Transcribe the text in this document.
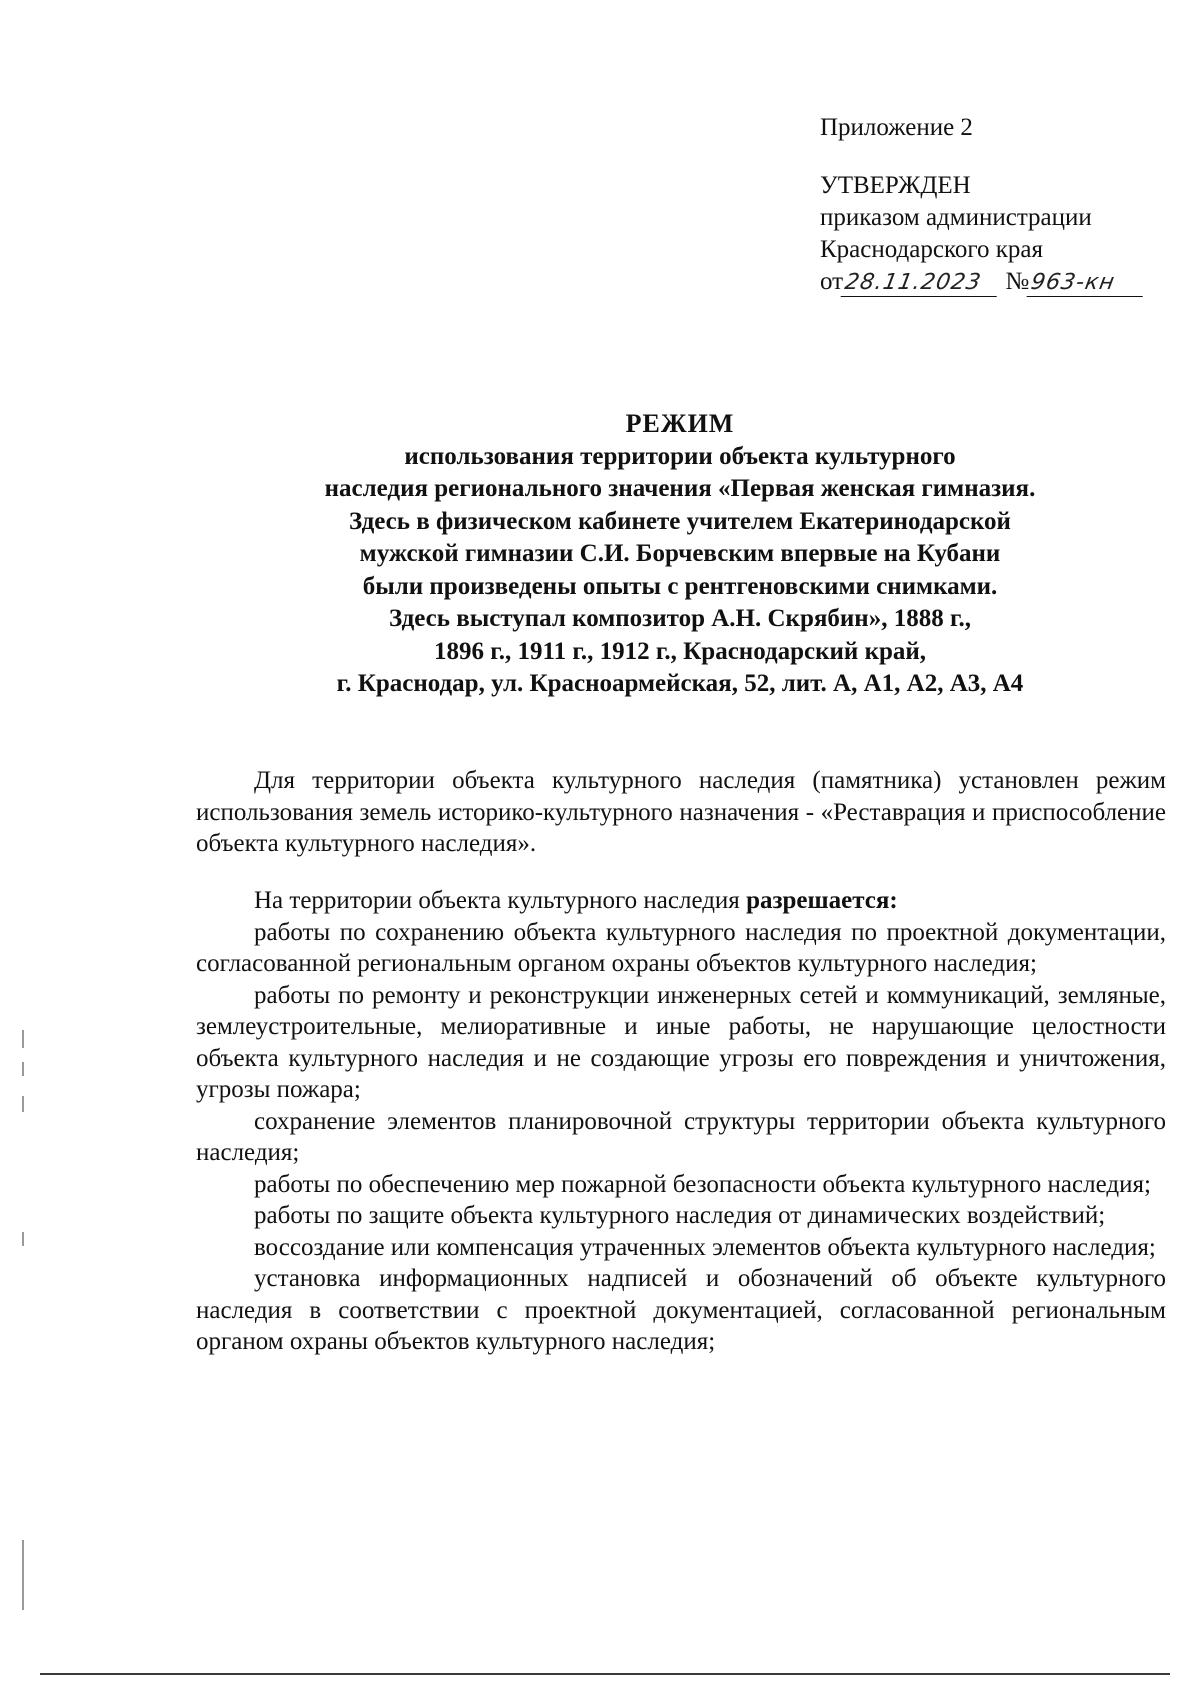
Приложение 2
УТВЕРЖДЕН
приказом администрации
Краснодарского края
от28.11.2023 №963-кн
РЕЖИМ
использования территории объекта культурного
наследия регионального значения «Первая женская гимназия.
Здесь в физическом кабинете учителем Екатеринодарской
мужской гимназии С.И. Борчевским впервые на Кубани
были произведены опыты с рентгеновскими снимками.
Здесь выступал композитор А.Н. Скрябин», 1888 г.,
1896 г., 1911 г., 1912 г., Краснодарский край,
г. Краснодар, ул. Красноармейская, 52, лит. А, А1, А2, А3, А4

Для территории объекта культурного наследия (памятника) установлен режим использования земель историко-культурного назначения - «Реставрация и приспособление объекта культурного наследия».

На территории объекта культурного наследия разрешается:

работы по сохранению объекта культурного наследия по проектной документации, согласованной региональным органом охраны объектов культурного наследия;

работы по ремонту и реконструкции инженерных сетей и коммуникаций, земляные, землеустроительные, мелиоративные и иные работы, не нарушающие целостности объекта культурного наследия и не создающие угрозы его повреждения и уничтожения, угрозы пожара;

сохранение элементов планировочной структуры территории объекта культурного наследия;

работы по обеспечению мер пожарной безопасности объекта культурного наследия;

работы по защите объекта культурного наследия от динамических воздействий;

воссоздание или компенсация утраченных элементов объекта культурного наследия;

установка информационных надписей и обозначений об объекте культурного наследия в соответствии с проектной документацией, согласованной региональным органом охраны объектов культурного наследия;
